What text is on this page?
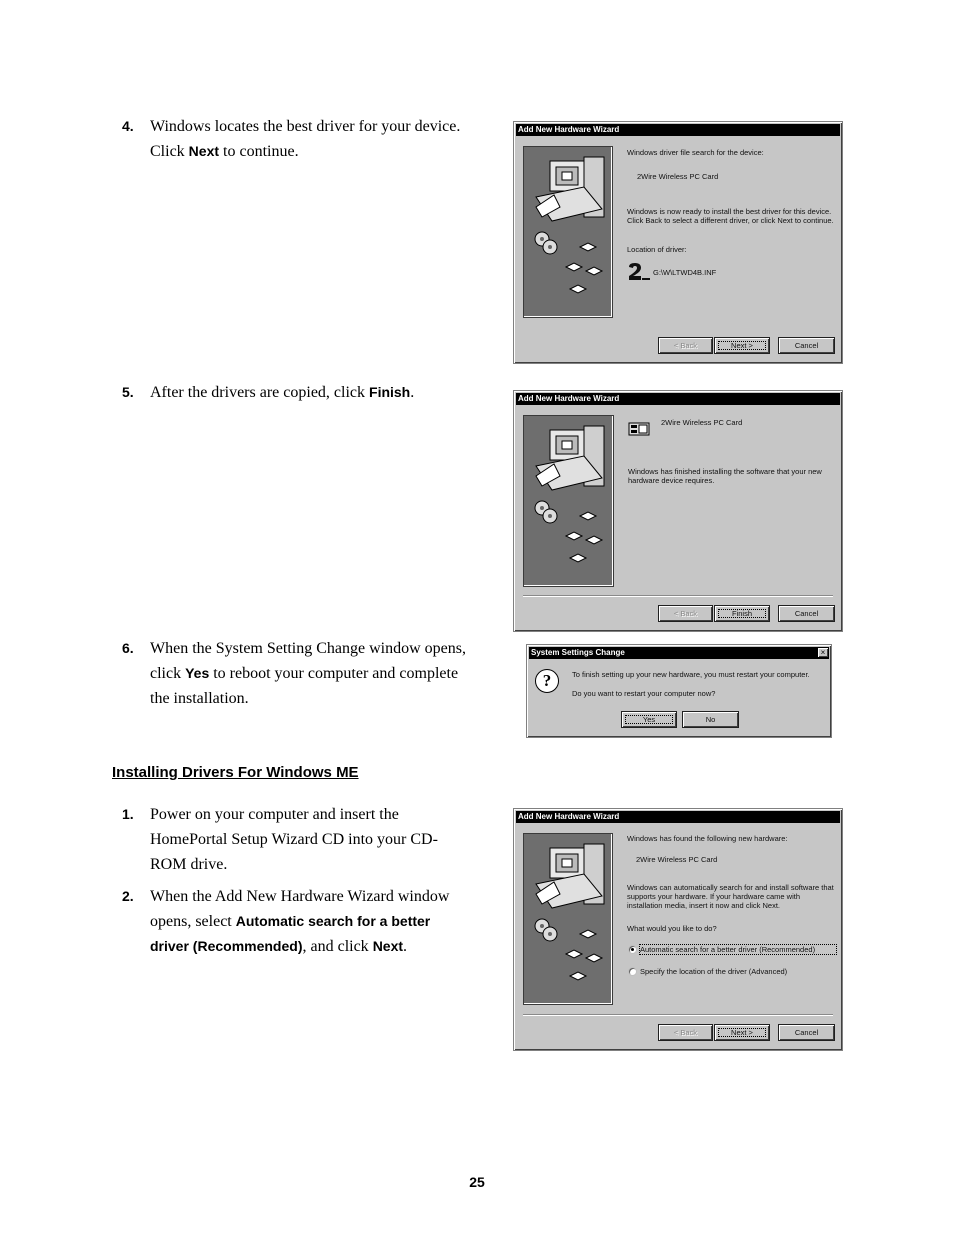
4. Windows locates the best driver for your device. Click Next to continue.
5. After the drivers are copied, click Finish.
6. When the System Setting Change window opens, click Yes to reboot your computer and complete the installation.
Installing Drivers For Windows ME
1. Power on your computer and insert the HomePortal Setup Wizard CD into your CD-ROM drive.
2. When the Add New Hardware Wizard window opens, select Automatic search for a better driver (Recommended), and click Next.
Add New Hardware Wizard
Windows driver file search for the device:
2Wire Wireless PC Card
Windows is now ready to install the best driver for this device. Click Back to select a different driver, or click Next to continue.
Location of driver:
G:\W\LTWD4B.INF
< Back	Next >	Cancel
Add New Hardware Wizard
2Wire Wireless PC Card
Windows has finished installing the software that your new hardware device requires.
< Back	Finish	Cancel
System Settings Change	×
?	To finish setting up your new hardware, you must restart your computer.
Do you want to restart your computer now?
Yes	No
Add New Hardware Wizard
Windows has found the following new hardware:
2Wire Wireless PC Card
Windows can automatically search for and install software that supports your hardware. If your hardware came with installation media, insert it now and click Next.
What would you like to do?
Automatic search for a better driver (Recommended)
Specify the location of the driver (Advanced)
< Back	Next >	Cancel
25
